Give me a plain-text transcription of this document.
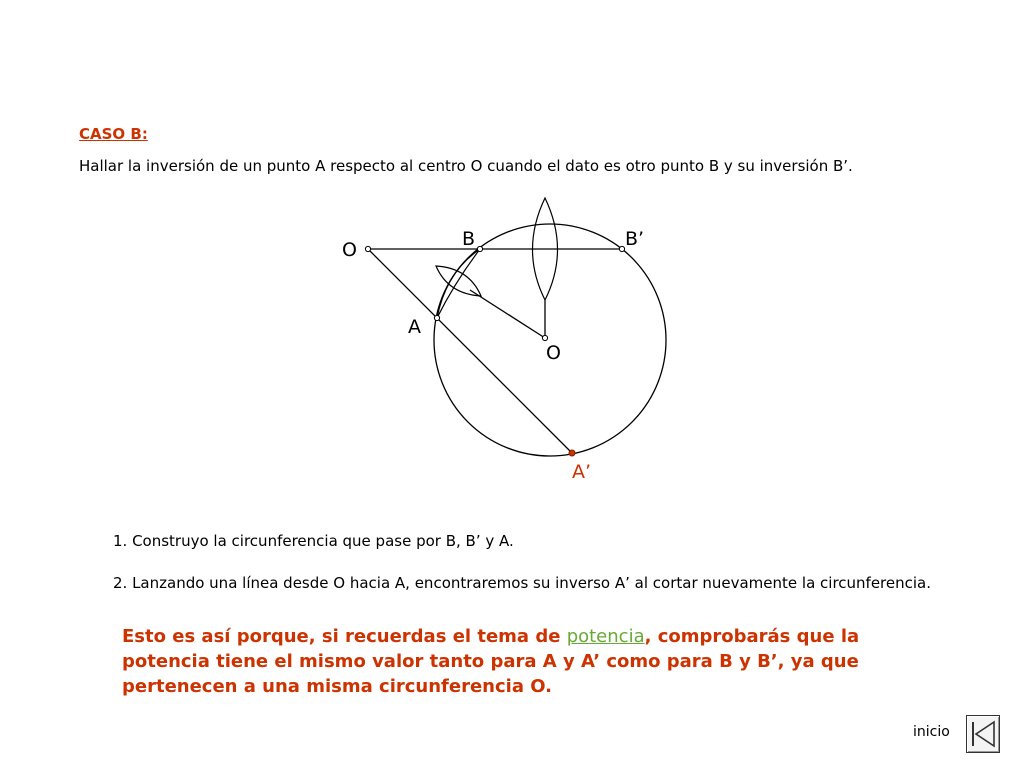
CASO B:
Hallar la inversión de un punto A respecto al centro O cuando el dato es otro punto B y su inversión B’.
O	B	B’
A
O
A’
1. Construyo la circunferencia que pase por B, B’ y A.
2. Lanzando una línea desde O hacia A, encontraremos su inverso A’ al cortar nuevamente la circunferencia.
Esto es así porque, si recuerdas el tema de potencia, comprobarás que la potencia tiene el mismo valor tanto para A y A’ como para B y B’, ya que pertenecen a una misma circunferencia O.
inicio
